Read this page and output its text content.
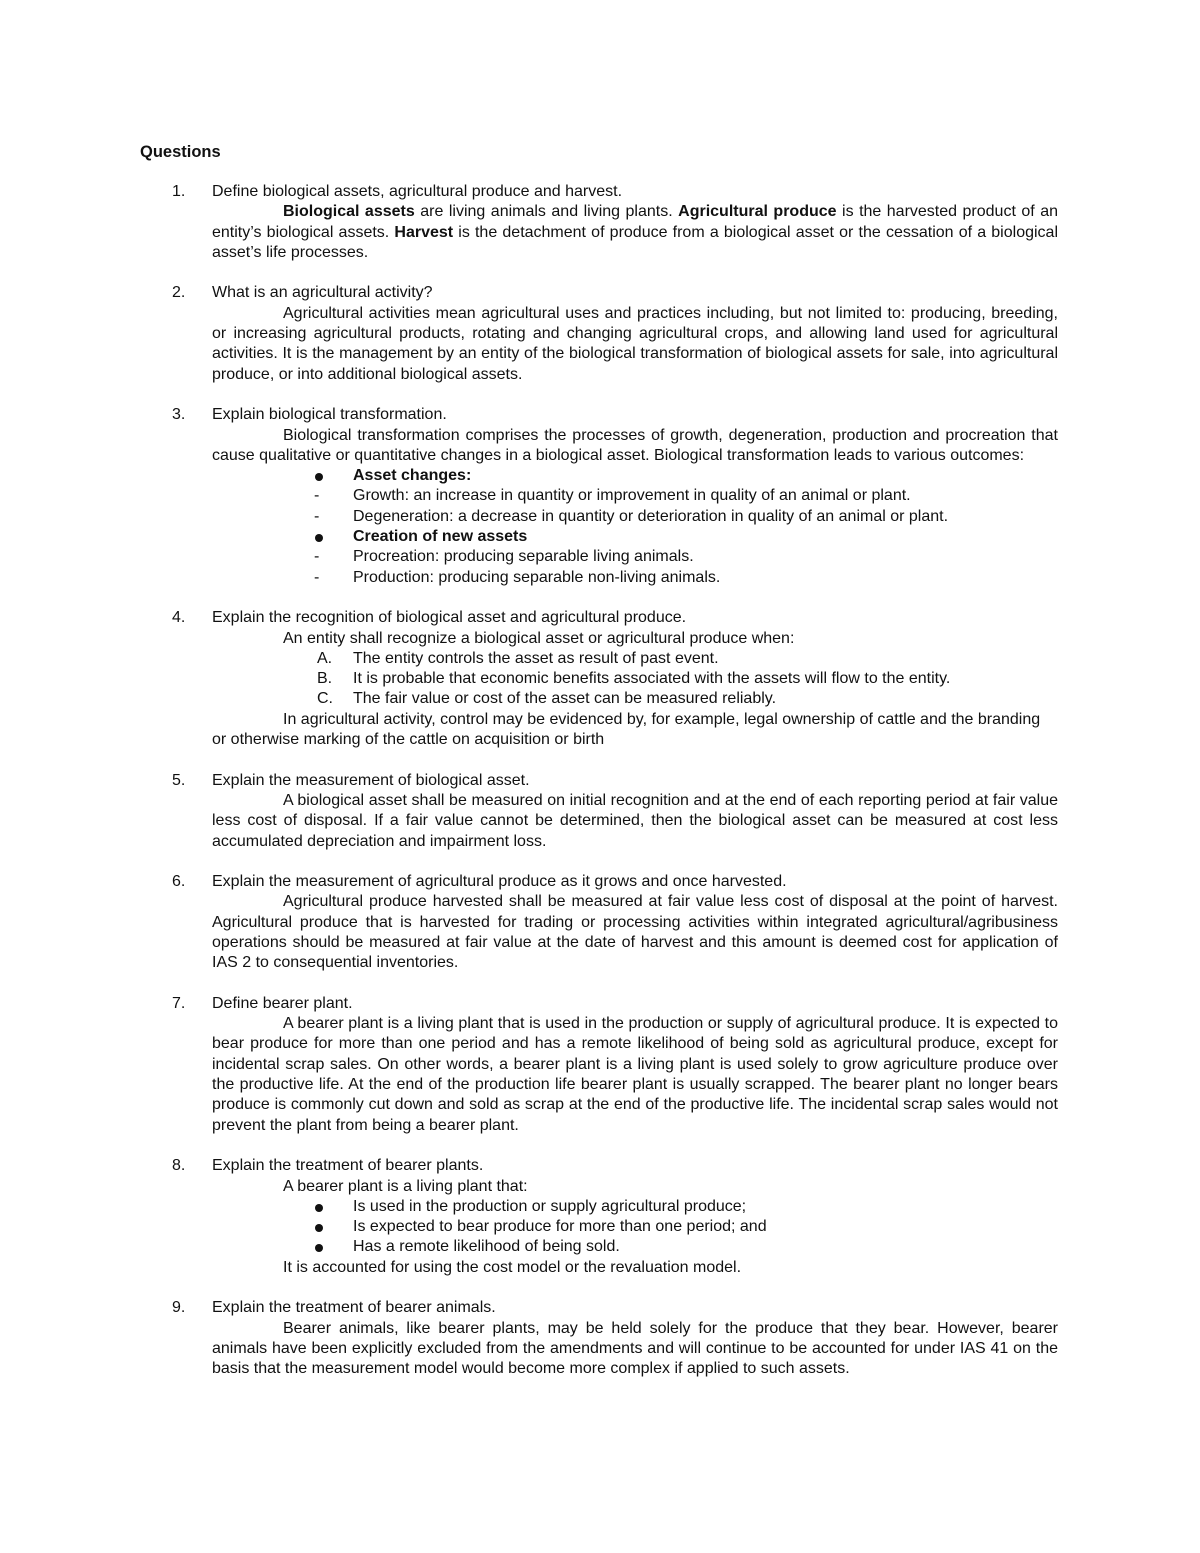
Questions
1.	Define biological assets, agricultural produce and harvest.
Biological assets are living animals and living plants. Agricultural produce is the harvested product of an entity’s biological assets. Harvest is the detachment of produce from a biological asset or the cessation of a biological asset’s life processes.
2.	What is an agricultural activity?
Agricultural activities mean agricultural uses and practices including, but not limited to: producing, breeding, or increasing agricultural products, rotating and changing agricultural crops, and allowing land used for agricultural activities. It is the management by an entity of the biological transformation of biological assets for sale, into agricultural produce, or into additional biological assets.
3.	Explain biological transformation.
Biological transformation comprises the processes of growth, degeneration, production and procreation that cause qualitative or quantitative changes in a biological asset. Biological transformation leads to various outcomes:
Asset changes:
-	Growth: an increase in quantity or improvement in quality of an animal or plant.
-	Degeneration: a decrease in quantity or deterioration in quality of an animal or plant.
Creation of new assets
-	Procreation: producing separable living animals.
-	Production: producing separable non-living animals.
4.	Explain the recognition of biological asset and agricultural produce.
An entity shall recognize a biological asset or agricultural produce when:
A.	The entity controls the asset as result of past event.
B.	It is probable that economic benefits associated with the assets will flow to the entity.
C. The fair value or cost of the asset can be measured reliably.
In agricultural activity, control may be evidenced by, for example, legal ownership of cattle and the branding or otherwise marking of the cattle on acquisition or birth
5.	Explain the measurement of biological asset.
A biological asset shall be measured on initial recognition and at the end of each reporting period at fair value less cost of disposal. If a fair value cannot be determined, then the biological asset can be measured at cost less accumulated depreciation and impairment loss.
6.	Explain the measurement of agricultural produce as it grows and once harvested.
Agricultural produce harvested shall be measured at fair value less cost of disposal at the point of harvest. Agricultural produce that is harvested for trading or processing activities within integrated agricultural/agribusiness operations should be measured at fair value at the date of harvest and this amount is deemed cost for application of IAS 2 to consequential inventories.
7.	Define bearer plant.
A bearer plant is a living plant that is used in the production or supply of agricultural produce. It is expected to bear produce for more than one period and has a remote likelihood of being sold as agricultural produce, except for incidental scrap sales. On other words, a bearer plant is a living plant is used solely to grow agriculture produce over the productive life. At the end of the production life bearer plant is usually scrapped. The bearer plant no longer bears produce is commonly cut down and sold as scrap at the end of the productive life. The incidental scrap sales would not prevent the plant from being a bearer plant.
8.	Explain the treatment of bearer plants.
A bearer plant is a living plant that:
Is used in the production or supply agricultural produce;
Is expected to bear produce for more than one period; and
Has a remote likelihood of being sold.
It is accounted for using the cost model or the revaluation model.
9.	Explain the treatment of bearer animals.
Bearer animals, like bearer plants, may be held solely for the produce that they bear. However, bearer animals have been explicitly excluded from the amendments and will continue to be accounted for under IAS 41 on the basis that the measurement model would become more complex if applied to such assets.
